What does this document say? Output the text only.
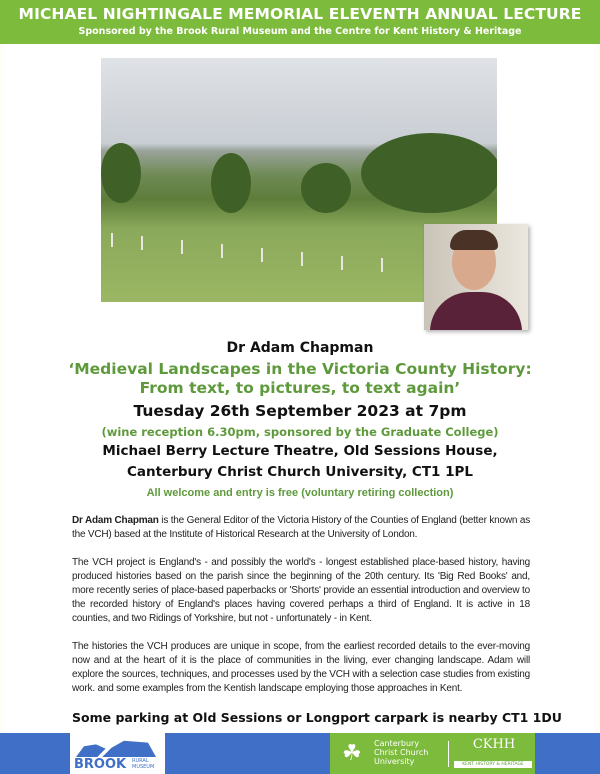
MICHAEL NIGHTINGALE MEMORIAL ELEVENTH ANNUAL LECTURE
Sponsored by the Brook Rural Museum and the Centre for Kent History & Heritage
Dr Adam Chapman
‘Medieval Landscapes in the Victoria County History:
From text, to pictures, to text again’
Tuesday 26th September 2023 at 7pm
(wine reception 6.30pm, sponsored by the Graduate College)
Michael Berry Lecture Theatre, Old Sessions House,
Canterbury Christ Church University, CT1 1PL
All welcome and entry is free (voluntary retiring collection)

Dr Adam Chapman is the General Editor of the Victoria History of the Counties of England (better known as the VCH) based at the Institute of Historical Research at the University of London.

The VCH project is England's - and possibly the world's - longest established place-based history, having produced histories based on the parish since the beginning of the 20th century. Its 'Big Red Books' and, more recently series of place-based paperbacks or 'Shorts' provide an essential introduction and overview to the recorded history of England's places having covered perhaps a third of England. It is active in 18 counties, and two Ridings of Yorkshire, but not - unfortunately - in Kent.

The histories the VCH produces are unique in scope, from the earliest recorded details to the ever-moving now and at the heart of it is the place of communities in the living, ever changing landscape. Adam will explore the sources, techniques, and processes used by the VCH with a selection case studies from existing work. and some examples from the Kentish landscape employing those approaches in Kent.

Some parking at Old Sessions or Longport carpark is nearby CT1 1DU
BROOK RURAL MUSEUM
☘ Canterbury
Christ Church
University
CKHH
KENT HISTORY & HERITAGE
